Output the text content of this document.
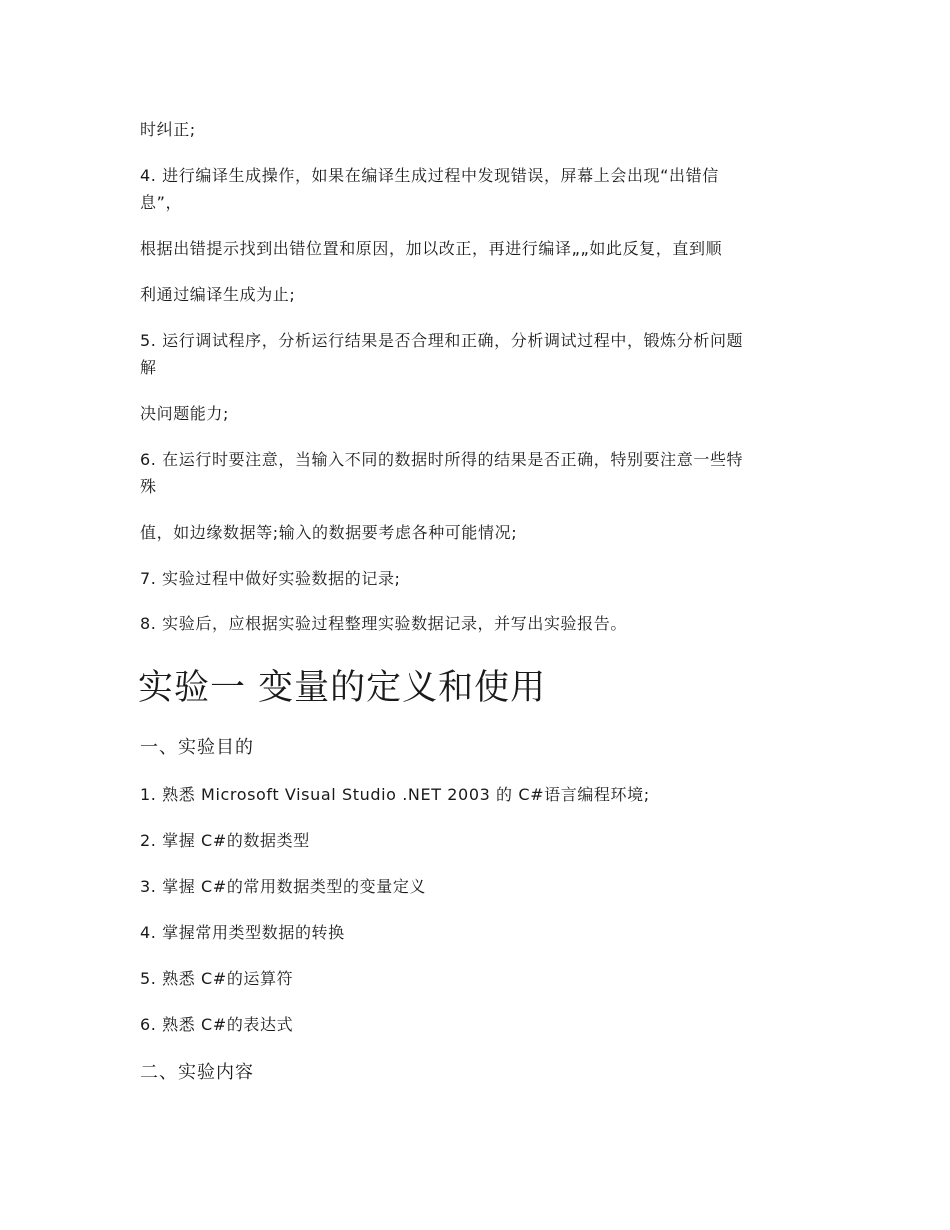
时纠正;

4. 进行编译生成操作，如果在编译生成过程中发现错误，屏幕上会出现“出错信

息”，

根据出错提示找到出错位置和原因，加以改正，再进行编译„„如此反复，直到顺

利通过编译生成为止;

5. 运行调试程序，分析运行结果是否合理和正确，分析调试过程中，锻炼分析问题

解

决问题能力;

6. 在运行时要注意，当输入不同的数据时所得的结果是否正确，特别要注意一些特

殊

值，如边缘数据等;输入的数据要考虑各种可能情况;

7. 实验过程中做好实验数据的记录;

8. 实验后，应根据实验过程整理实验数据记录，并写出实验报告。

实验一 变量的定义和使用
一、实验目的

1. 熟悉 Microsoft Visual Studio .NET 2003 的 C#语言编程环境;

2. 掌握 C#的数据类型

3. 掌握 C#的常用数据类型的变量定义

4. 掌握常用类型数据的转换

5. 熟悉 C#的运算符

6. 熟悉 C#的表达式

二、实验内容
